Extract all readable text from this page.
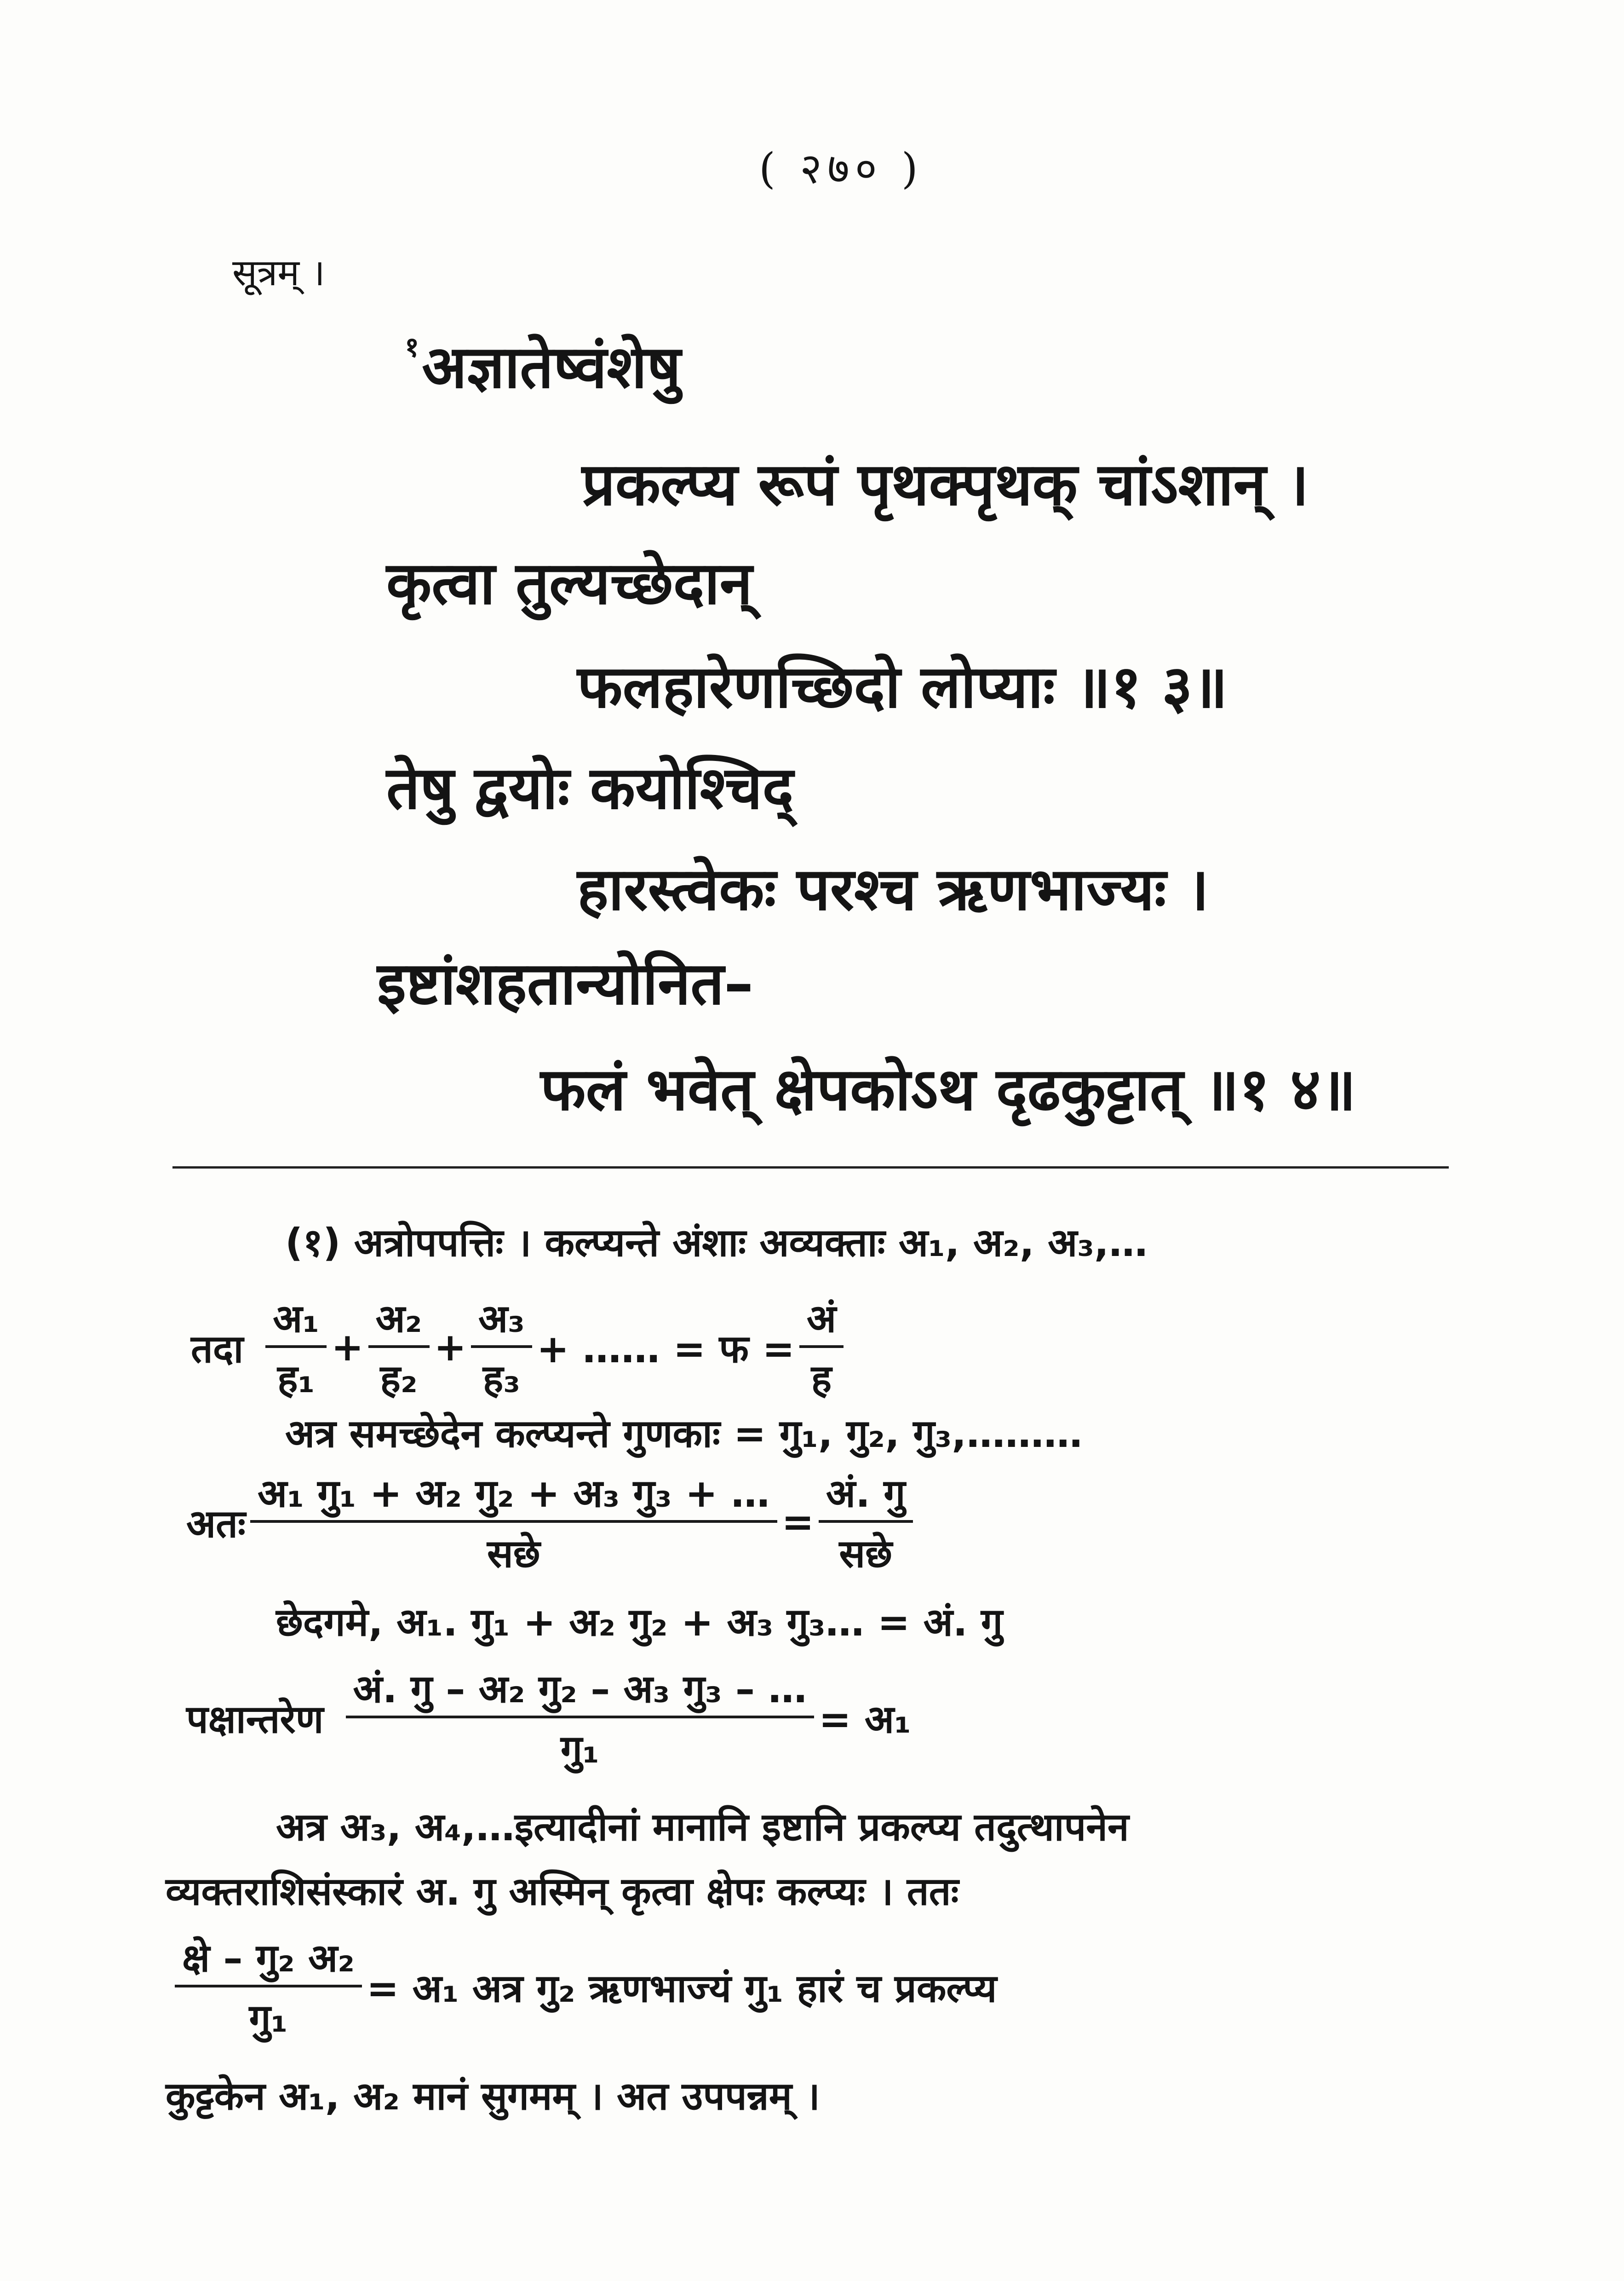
( २७० )
सूत्रम् ।
$^१$अज्ञातेष्वंशेषु
प्रकल्प्य रूपं पृथक्पृथक् चांऽशान् ।
कृत्वा तुल्यच्छेदान्
फलहारेणच्छिदो लोप्याः ॥१ ३॥
तेषु द्वयोः कयोश्चिद्
हारस्त्वेकः परश्च ऋणभाज्यः ।
इष्टांशहतान्योनित–
फलं भवेत् क्षेपकोऽथ दृढकुट्टात् ॥१ ४॥
(१) अत्रोपपत्तिः । कल्प्यन्ते अंशाः अव्यक्ताः अ₁, अ₂, अ₃,…
तदा $\frac{\text{अ₁}}{\text{ह₁}} + \frac{\text{अ₂}}{\text{ह₂}} + \frac{\text{अ₃}}{\text{ह₃}}$ + …… = फ = $\frac{\text{अं}}{\text{ह}}$
अत्र समच्छेदेन कल्प्यन्ते गुणकाः = गु₁, गु₂, गु₃,………
अतः $\frac{\text{अ₁ गु₁ + अ₂ गु₂ + अ₃ गु₃ + …}}{\text{सछे}} = \frac{\text{अं. गु}}{\text{सछे}}$
छेदगमे, अ₁. गु₁ + अ₂ गु₂ + अ₃ गु₃… = अं. गु
पक्षान्तरेण $\frac{\text{अं. गु – अ₂ गु₂ – अ₃ गु₃ – …}}{\text{गु₁}}$ = अ₁
अत्र अ₃, अ₄,…इत्यादीनां मानानि इष्टानि प्रकल्प्य तदुत्थापनेन
व्यक्तराशिसंस्कारं अ. गु अस्मिन् कृत्वा क्षेपः कल्प्यः । ततः
$\frac{\text{क्षे – गु₂ अ₂}}{\text{गु₁}}$ = अ₁ अत्र गु₂ ऋणभाज्यं गु₁ हारं च प्रकल्प्य
कुट्टकेन अ₁, अ₂ मानं सुगमम् । अत उपपन्नम् ।
